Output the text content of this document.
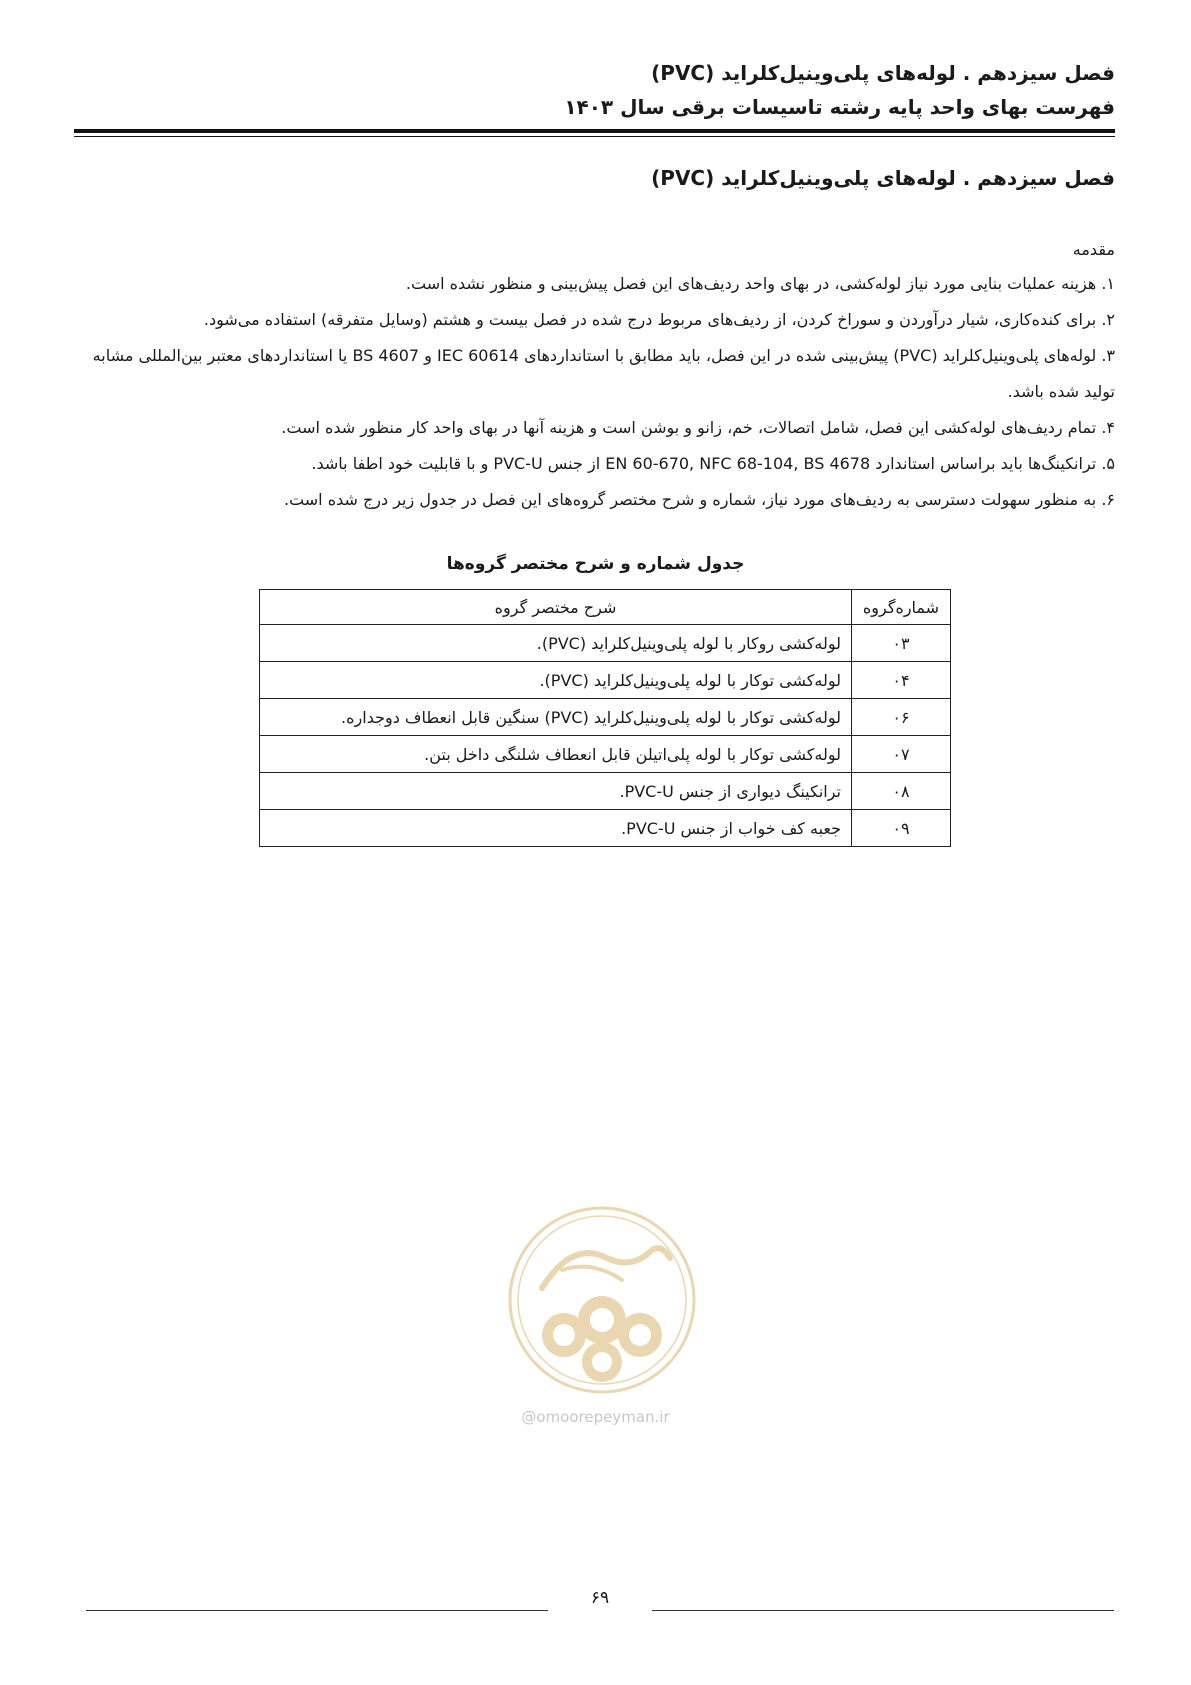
فصل سیزدهم . لوله‌های پلی‌وینیل‌کلراید (PVC)
فهرست بهای واحد پایه رشته تاسیسات برقی سال ۱۴۰۳
فصل سیزدهم . لوله‌های پلی‌وینیل‌کلراید (PVC)
مقدمه

۱. هزینه عملیات بنایی مورد نیاز لوله‌کشی، در بهای واحد ردیف‌های این فصل پیش‌بینی و منظور نشده است.

۲. برای کنده‌کاری، شیار درآوردن و سوراخ کردن، از ردیف‌های مربوط درج شده در فصل بیست و هشتم (وسایل متفرقه) استفاده می‌شود.

۳. لوله‌های پلی‌وینیل‌کلراید (PVC) پیش‌بینی شده در این فصل، باید مطابق با استانداردهای IEC 60614 و BS 4607 یا استانداردهای معتبر بین‌المللی مشابه تولید شده باشد.

۴. تمام ردیف‌های لوله‌کشی این فصل، شامل اتصالات، خم، زانو و بوشن است و هزینه آنها در بهای واحد کار منظور شده است.

۵. ترانکینگ‌ها باید براساس استاندارد EN 60-670, NFC 68-104, BS 4678 از جنس PVC-U و با قابلیت خود اطفا باشد.

۶. به منظور سهولت دسترسی به ردیف‌های مورد نیاز، شماره و شرح مختصر گروه‌های این فصل در جدول زیر درج شده است.

جدول شماره و شرح مختصر گروه‌ها
شماره‌گروه	شرح مختصر گروه
۰۳	لوله‌کشی روکار با لوله پلی‌وینیل‌کلراید (PVC).
۰۴	لوله‌کشی توکار با لوله پلی‌وینیل‌کلراید (PVC).
۰۶	لوله‌کشی توکار با لوله پلی‌وینیل‌کلراید (PVC) سنگین قابل انعطاف دوجداره.
۰۷	لوله‌کشی توکار با لوله پلی‌اتیلن قابل انعطاف شلنگی داخل بتن.
۰۸	ترانکینگ دیواری از جنس PVC-U.
۰۹	جعبه کف خواب از جنس PVC-U.
@omoorepeyman.ir
۶۹
